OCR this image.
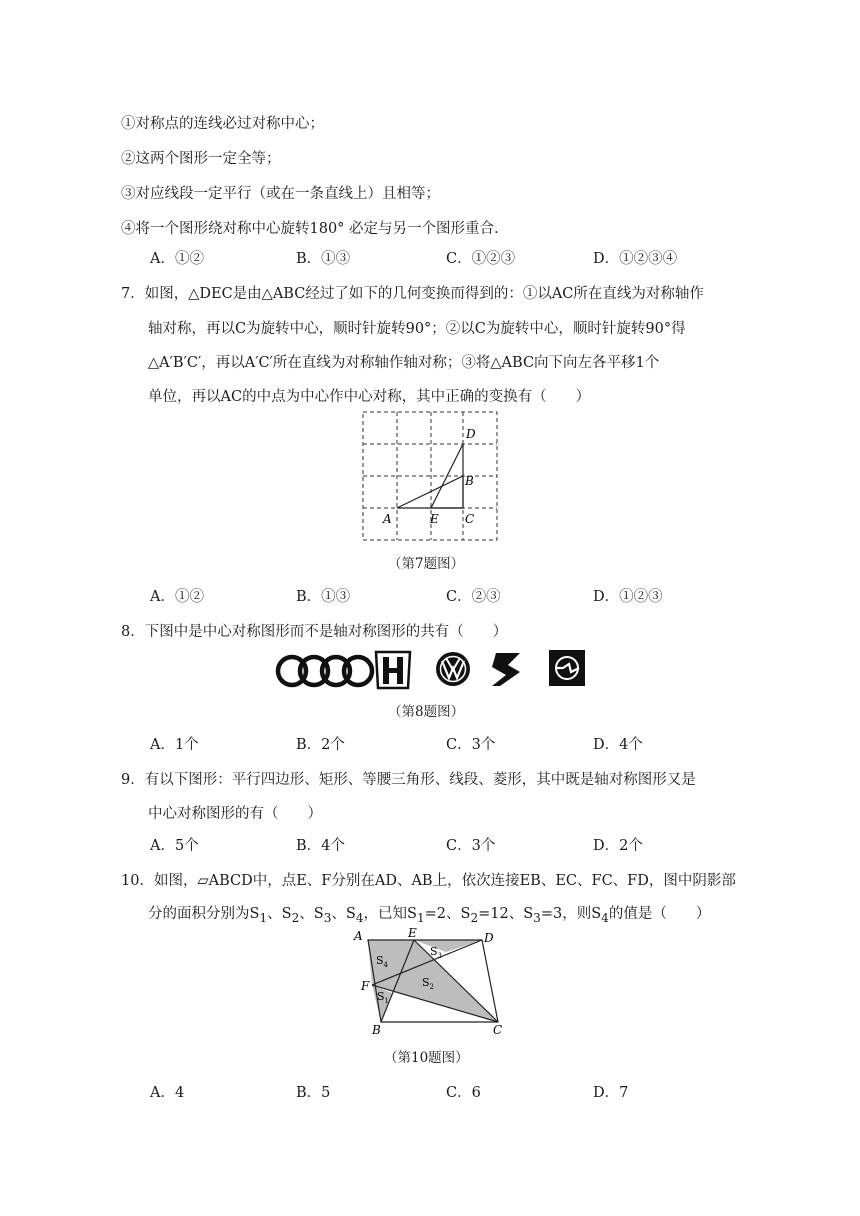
①对称点的连线必过对称中心；
②这两个图形一定全等；
③对应线段一定平行（或在一条直线上）且相等；
④将一个图形绕对称中心旋转180° 必定与另一个图形重合.
A．①②	B．①③	C．①②③	D．①②③④
7．如图，△DEC是由△ABC经过了如下的几何变换而得到的：①以AC所在直线为对称轴作
轴对称，再以C为旋转中心，顺时针旋转90°；②以C为旋转中心，顺时针旋转90°得
△A′B′C′，再以A′C′所在直线为对称轴作轴对称；③将△ABC向下向左各平移1个
单位，再以AC的中点为中心作中心对称，其中正确的变换有（　　）
D
B
C
A	E
（第7题图）
A．①②	B．①③	C．②③	D．①②③
8．下图中是中心对称图形而不是轴对称图形的共有（　　）
（第8题图）
A．1个	B．2个	C．3个	D．4个
9．有以下图形：平行四边形、矩形、等腰三角形、线段、菱形，其中既是轴对称图形又是
中心对称图形的有（　　）
A．5个	B．4个	C．3个	D．2个
10．如图，▱ABCD中，点E、F分别在AD、AB上，依次连接EB、EC、FC、FD，图中阴影部
分的面积分别为$S_1$、$S_2$、$S_3$、$S_4$，已知$S_1=2$、$S_2=12$、$S_3=3$，则$S_4$的值是（　　）
A	E	D
F
B	C
$S_4$
$S_3$
$S_2$
$S_1$
（第10题图）
A．4	B．5	C．6	D．7
